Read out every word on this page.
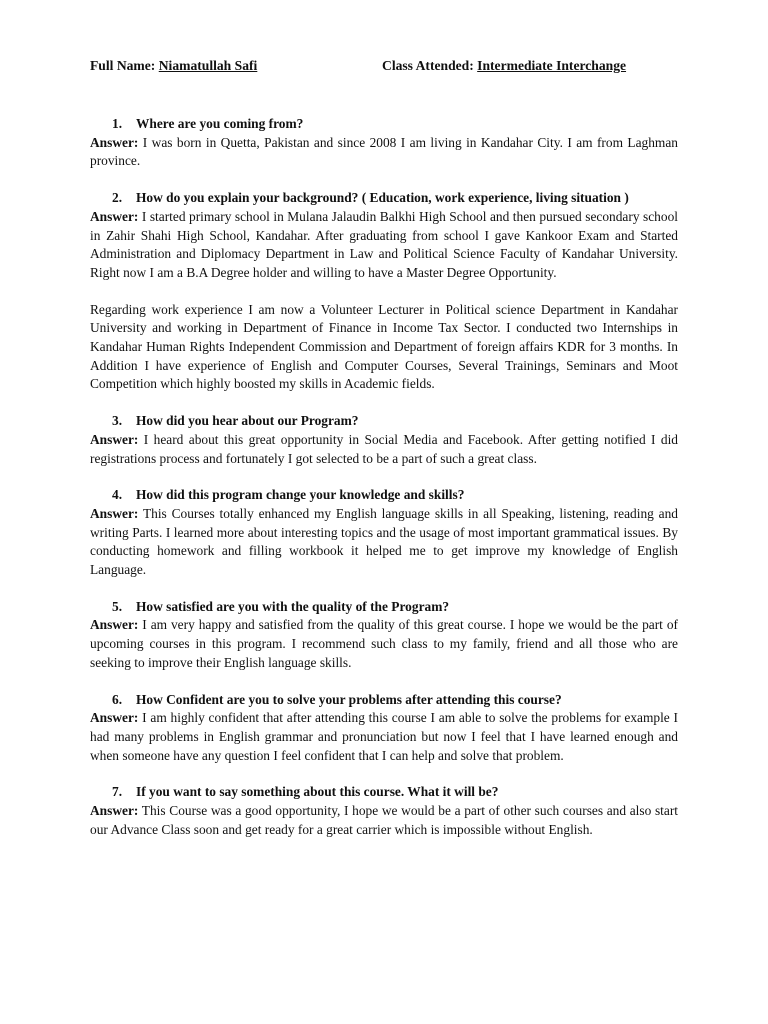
Full Name: Niamatullah Safi	Class Attended: Intermediate Interchange
1. Where are you coming from?

Answer: I was born in Quetta, Pakistan and since 2008 I am living in Kandahar City. I am from Laghman province.

2. How do you explain your background? ( Education, work experience, living situation )

Answer: I started primary school in Mulana Jalaudin Balkhi High School and then pursued secondary school in Zahir Shahi High School, Kandahar. After graduating from school I gave Kankoor Exam and Started Administration and Diplomacy Department in Law and Political Science Faculty of Kandahar University. Right now I am a B.A Degree holder and willing to have a Master Degree Opportunity.

Regarding work experience I am now a Volunteer Lecturer in Political science Department in Kandahar University and working in Department of Finance in Income Tax Sector. I conducted two Internships in Kandahar Human Rights Independent Commission and Department of foreign affairs KDR for 3 months. In Addition I have experience of English and Computer Courses, Several Trainings, Seminars and Moot Competition which highly boosted my skills in Academic fields.

3. How did you hear about our Program?

Answer: I heard about this great opportunity in Social Media and Facebook. After getting notified I did registrations process and fortunately I got selected to be a part of such a great class.

4. How did this program change your knowledge and skills?

Answer: This Courses totally enhanced my English language skills in all Speaking, listening, reading and writing Parts. I learned more about interesting topics and the usage of most important grammatical issues. By conducting homework and filling workbook it helped me to get improve my knowledge of English Language.

5. How satisfied are you with the quality of the Program?

Answer: I am very happy and satisfied from the quality of this great course. I hope we would be the part of upcoming courses in this program. I recommend such class to my family, friend and all those who are seeking to improve their English language skills.

6. How Confident are you to solve your problems after attending this course?

Answer: I am highly confident that after attending this course I am able to solve the problems for example I had many problems in English grammar and pronunciation but now I feel that I have learned enough and when someone have any question I feel confident that I can help and solve that problem.

7. If you want to say something about this course. What it will be?

Answer: This Course was a good opportunity, I hope we would be a part of other such courses and also start our Advance Class soon and get ready for a great carrier which is impossible without English.
